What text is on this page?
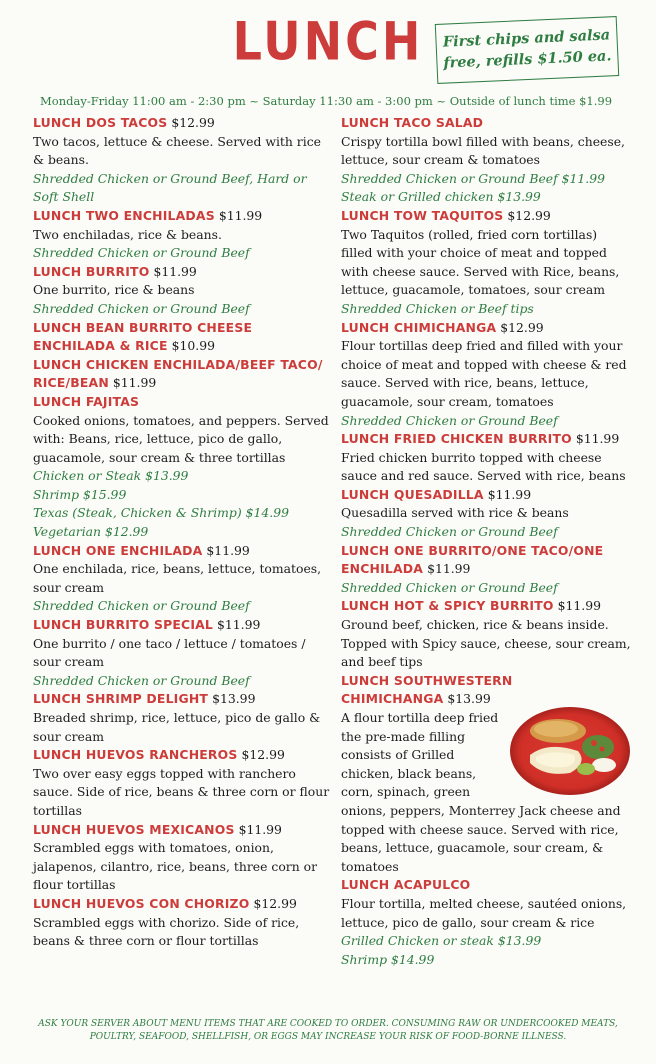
LUNCH	First chips and salsa
free, refills $1.50 ea.
Monday-Friday 11:00 am - 2:30 pm ~ Saturday 11:30 am - 3:00 pm ~ Outside of lunch time $1.99
LUNCH DOS TACOS $12.99
Two tacos, lettuce & cheese. Served with rice & beans.
Shredded Chicken or Ground Beef, Hard or Soft Shell
LUNCH TWO ENCHILADAS $11.99
Two enchiladas, rice & beans.
Shredded Chicken or Ground Beef
LUNCH BURRITO $11.99
One burrito, rice & beans
Shredded Chicken or Ground Beef
LUNCH BEAN BURRITO CHEESE ENCHILADA & RICE $10.99
LUNCH CHICKEN ENCHILADA/BEEF TACO/ RICE/BEAN $11.99
LUNCH FAJITAS
Cooked onions, tomatoes, and peppers. Served with: Beans, rice, lettuce, pico de gallo, guacamole, sour cream & three tortillas
Chicken or Steak $13.99
Shrimp $15.99
Texas (Steak, Chicken & Shrimp) $14.99
Vegetarian $12.99
LUNCH ONE ENCHILADA $11.99
One enchilada, rice, beans, lettuce, tomatoes, sour cream
Shredded Chicken or Ground Beef
LUNCH BURRITO SPECIAL $11.99
One burrito / one taco / lettuce / tomatoes / sour cream
Shredded Chicken or Ground Beef
LUNCH SHRIMP DELIGHT $13.99
Breaded shrimp, rice, lettuce, pico de gallo & sour cream
LUNCH HUEVOS RANCHEROS $12.99
Two over easy eggs topped with ranchero sauce. Side of rice, beans & three corn or flour tortillas
LUNCH HUEVOS MEXICANOS $11.99
Scrambled eggs with tomatoes, onion, jalapenos, cilantro, rice, beans, three corn or flour tortillas
LUNCH HUEVOS CON CHORIZO $12.99
Scrambled eggs with chorizo. Side of rice, beans & three corn or flour tortillas
LUNCH TACO SALAD
Crispy tortilla bowl filled with beans, cheese, lettuce, sour cream & tomatoes
Shredded Chicken or Ground Beef $11.99
Steak or Grilled chicken $13.99
LUNCH TOW TAQUITOS $12.99
Two Taquitos (rolled, fried corn tortillas) filled with your choice of meat and topped with cheese sauce. Served with Rice, beans, lettuce, guacamole, tomatoes, sour cream
Shredded Chicken or Beef tips
LUNCH CHIMICHANGA $12.99
Flour tortillas deep fried and filled with your choice of meat and topped with cheese & red sauce. Served with rice, beans, lettuce, guacamole, sour cream, tomatoes
Shredded Chicken or Ground Beef
LUNCH FRIED CHICKEN BURRITO $11.99
Fried chicken burrito topped with cheese sauce and red sauce. Served with rice, beans
LUNCH QUESADILLA $11.99
Quesadilla served with rice & beans
Shredded Chicken or Ground Beef
LUNCH ONE BURRITO/ONE TACO/ONE ENCHILADA $11.99
Shredded Chicken or Ground Beef
LUNCH HOT & SPICY BURRITO $11.99
Ground beef, chicken, rice & beans inside. Topped with Spicy sauce, cheese, sour cream, and beef tips
LUNCH SOUTHWESTERN CHIMICHANGA $13.99
A flour tortilla deep fried the pre-made filling consists of Grilled chicken, black beans, corn, spinach, green onions, peppers, Monterrey Jack cheese and topped with cheese sauce. Served with rice, beans, lettuce, guacamole, sour cream, & tomatoes
LUNCH ACAPULCO
Flour tortilla, melted cheese, sautéed onions, lettuce, pico de gallo, sour cream & rice
Grilled Chicken or steak $13.99
Shrimp $14.99
ASK YOUR SERVER ABOUT MENU ITEMS THAT ARE COOKED TO ORDER. CONSUMING RAW OR UNDERCOOKED MEATS,
POULTRY, SEAFOOD, SHELLFISH, OR EGGS MAY INCREASE YOUR RISK OF FOOD-BORNE ILLNESS.
